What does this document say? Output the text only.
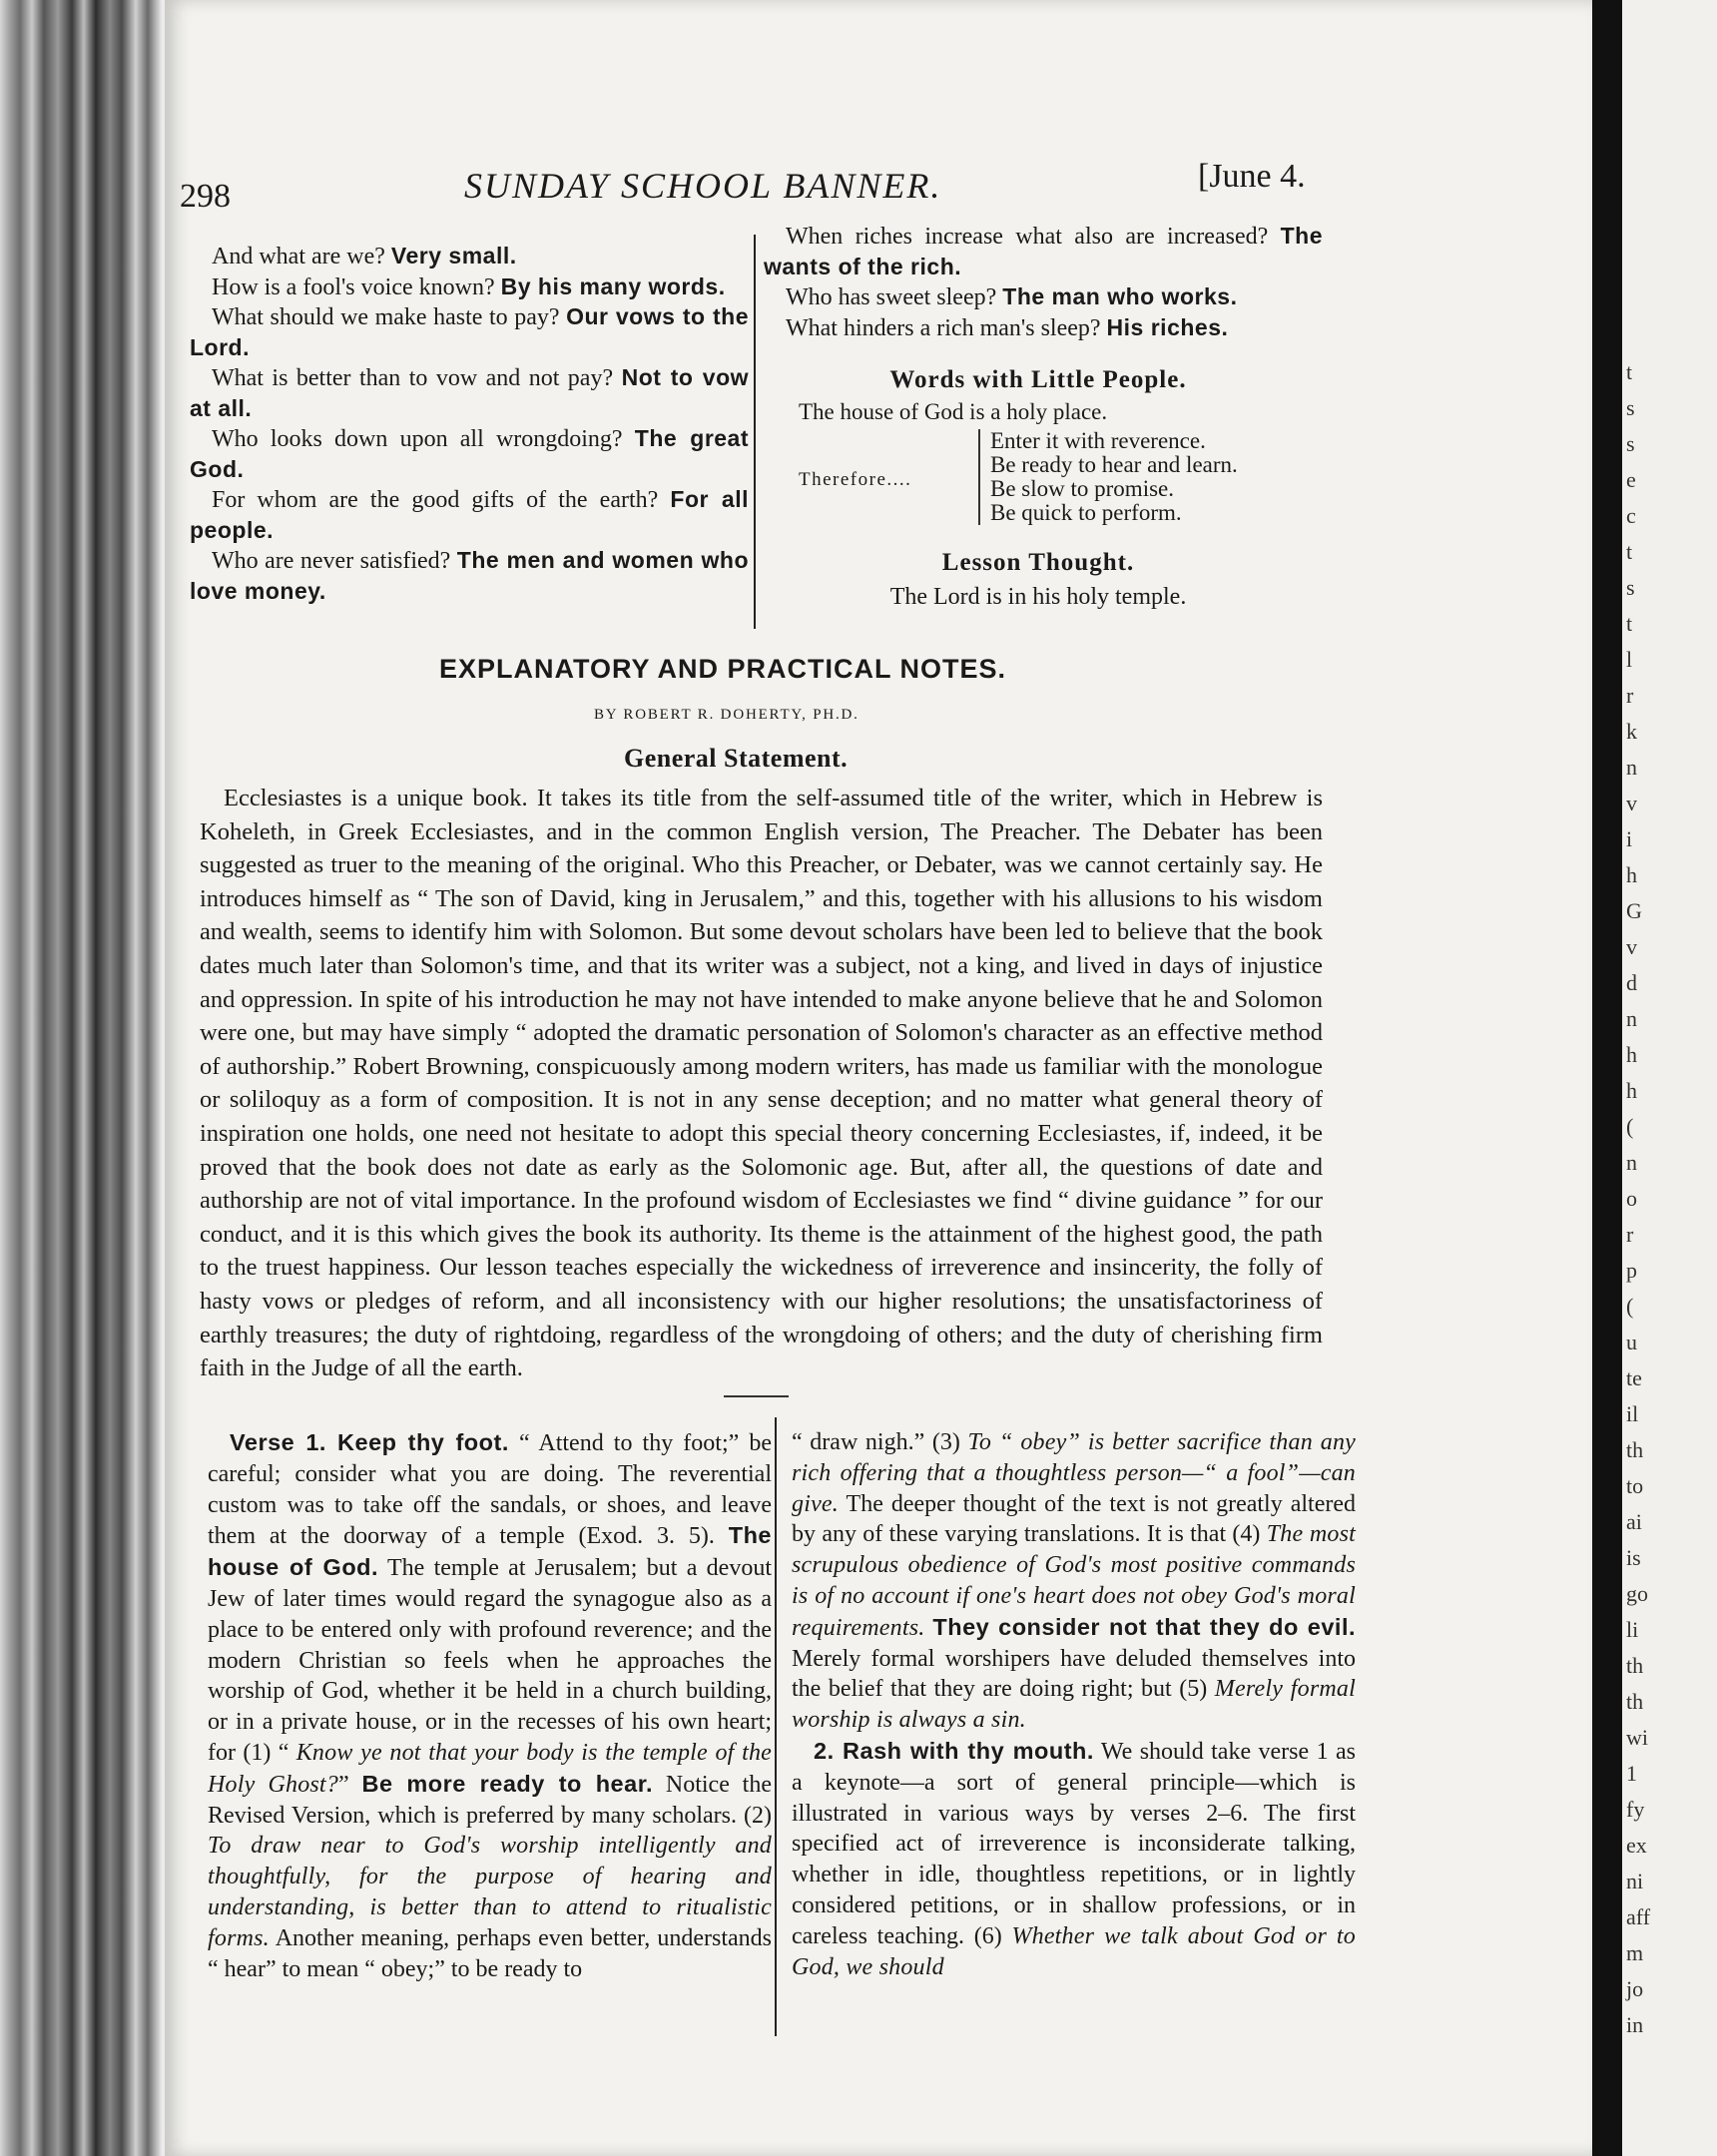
t
s
s
e
c
t
s
t
l
r
k
n
v
i
h
G
v
d
n
h
h
(
n
o
r
p
(
u
te
il
th
to
ai
is
go
li
th
th
wi
1
fy
ex
ni
aff
m
jo
in
298	SUNDAY SCHOOL BANNER.	[June 4.

And what are we? Very small.

How is a fool's voice known? By his many words.

What should we make haste to pay? Our vows to the Lord.

What is better than to vow and not pay? Not to vow at all.

Who looks down upon all wrongdoing? The great God.

For whom are the good gifts of the earth? For all people.

Who are never satisfied? The men and women who love money.

When riches increase what also are increased? The wants of the rich.

Who has sweet sleep? The man who works.

What hinders a rich man's sleep? His riches.

Words with Little People.
The house of God is a holy place.
Therefore....
Enter it with reverence.
Be ready to hear and learn.
Be slow to promise.
Be quick to perform.
Lesson Thought.
The Lord is in his holy temple.
EXPLANATORY AND PRACTICAL NOTES.
BY ROBERT R. DOHERTY, PH.D.
General Statement.

Ecclesiastes is a unique book. It takes its title from the self-assumed title of the writer, which in Hebrew is Koheleth, in Greek Ecclesiastes, and in the common English version, The Preacher. The Debater has been suggested as truer to the meaning of the original. Who this Preacher, or Debater, was we cannot certainly say. He introduces himself as “ The son of David, king in Jerusalem,” and this, together with his allusions to his wisdom and wealth, seems to identify him with Solomon. But some devout scholars have been led to believe that the book dates much later than Solomon's time, and that its writer was a subject, not a king, and lived in days of injustice and oppression. In spite of his introduction he may not have intended to make anyone believe that he and Solomon were one, but may have simply “ adopted the dramatic personation of Solomon's character as an effective method of authorship.” Robert Browning, conspicuously among modern writers, has made us familiar with the monologue or soliloquy as a form of composition. It is not in any sense deception; and no matter what general theory of inspiration one holds, one need not hesitate to adopt this special theory concerning Ecclesiastes, if, indeed, it be proved that the book does not date as early as the Solomonic age. But, after all, the questions of date and authorship are not of vital importance. In the profound wisdom of Ecclesiastes we find “ divine guidance ” for our conduct, and it is this which gives the book its authority. Its theme is the attainment of the highest good, the path to the truest happiness. Our lesson teaches especially the wickedness of irreverence and insincerity, the folly of hasty vows or pledges of reform, and all inconsistency with our higher resolutions; the unsatisfactoriness of earthly treasures; the duty of rightdoing, regardless of the wrongdoing of others; and the duty of cherishing firm faith in the Judge of all the earth.

Verse 1. Keep thy foot. “ Attend to thy foot;” be careful; consider what you are doing. The reverential custom was to take off the sandals, or shoes, and leave them at the doorway of a temple (Exod. 3. 5). The house of God. The temple at Jerusalem; but a devout Jew of later times would regard the synagogue also as a place to be entered only with profound reverence; and the modern Christian so feels when he approaches the worship of God, whether it be held in a church building, or in a private house, or in the recesses of his own heart; for (1) “ Know ye not that your body is the temple of the Holy Ghost?” Be more ready to hear. Notice the Revised Version, which is preferred by many scholars. (2) To draw near to God's worship intelligently and thoughtfully, for the purpose of hearing and understanding, is better than to attend to ritualistic forms. Another meaning, perhaps even better, understands “ hear” to mean “ obey;” to be ready to

“ draw nigh.” (3) To “ obey” is better sacrifice than any rich offering that a thoughtless person—“ a fool”—can give. The deeper thought of the text is not greatly altered by any of these varying translations. It is that (4) The most scrupulous obedience of God's most positive commands is of no account if one's heart does not obey God's moral requirements. They consider not that they do evil. Merely formal worshipers have deluded themselves into the belief that they are doing right; but (5) Merely formal worship is always a sin.

2. Rash with thy mouth. We should take verse 1 as a keynote—a sort of general principle—which is illustrated in various ways by verses 2–6. The first specified act of irreverence is inconsiderate talking, whether in idle, thoughtless repetitions, or in lightly considered petitions, or in shallow professions, or in careless teaching. (6) Whether we talk about God or to God, we should
